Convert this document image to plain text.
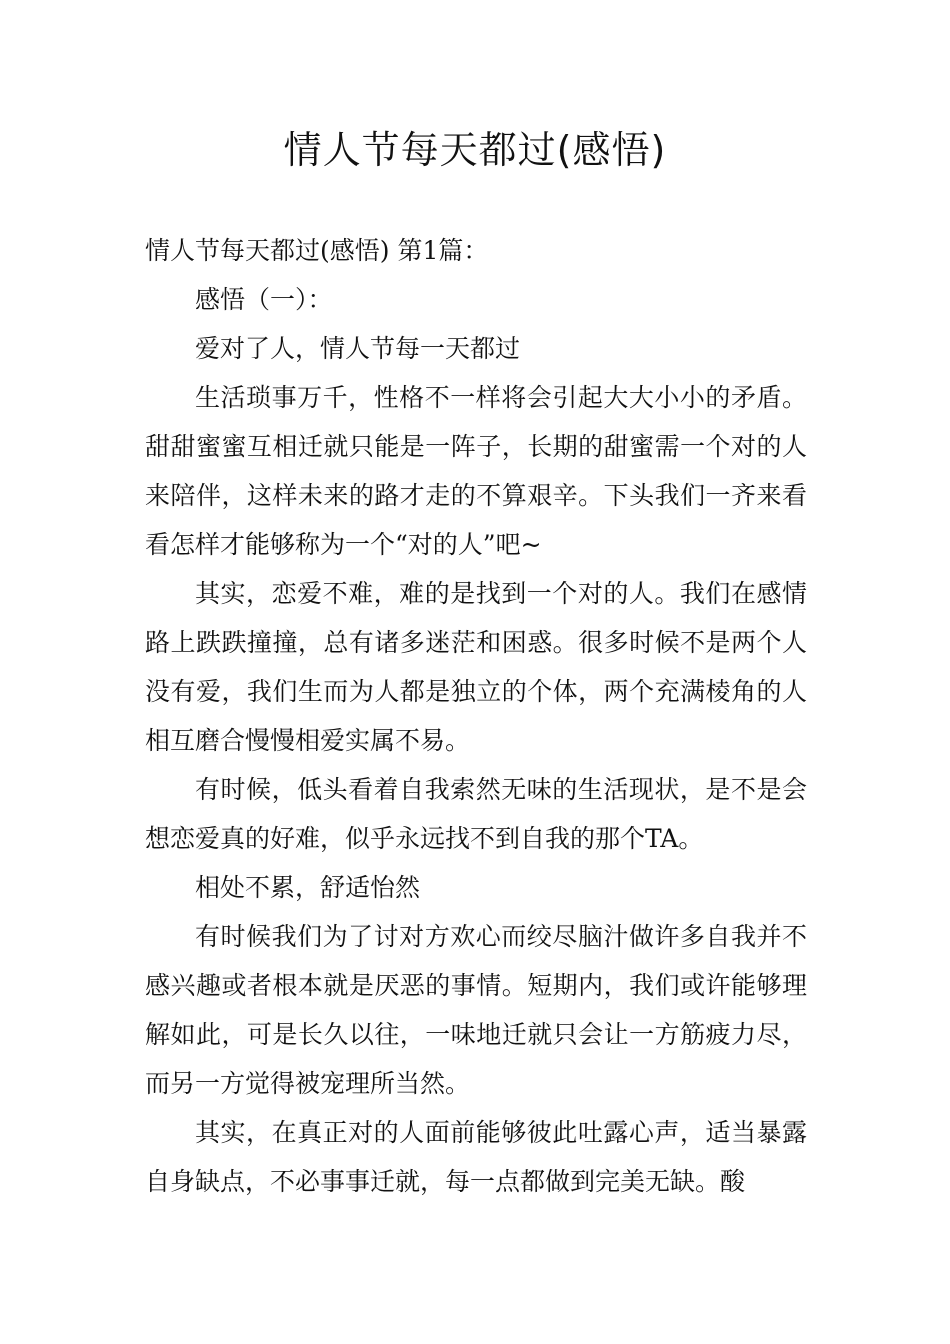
情人节每天都过(感悟)

情人节每天都过(感悟) 第1篇：

感悟（一）：

爱对了人，情人节每一天都过

生活琐事万千，性格不一样将会引起大大小小的矛盾。甜甜蜜蜜互相迁就只能是一阵子，长期的甜蜜需一个对的人来陪伴，这样未来的路才走的不算艰辛。下头我们一齐来看看怎样才能够称为一个“对的人”吧~

其实，恋爱不难，难的是找到一个对的人。我们在感情路上跌跌撞撞，总有诸多迷茫和困惑。很多时候不是两个人没有爱，我们生而为人都是独立的个体，两个充满棱角的人相互磨合慢慢相爱实属不易。

有时候，低头看着自我索然无味的生活现状，是不是会想恋爱真的好难，似乎永远找不到自我的那个TA。

相处不累，舒适怡然

有时候我们为了讨对方欢心而绞尽脑汁做许多自我并不感兴趣或者根本就是厌恶的事情。短期内，我们或许能够理解如此，可是长久以往，一味地迁就只会让一方筋疲力尽，而另一方觉得被宠理所当然。

其实，在真正对的人面前能够彼此吐露心声，适当暴露自身缺点，不必事事迁就，每一点都做到完美无缺。酸
